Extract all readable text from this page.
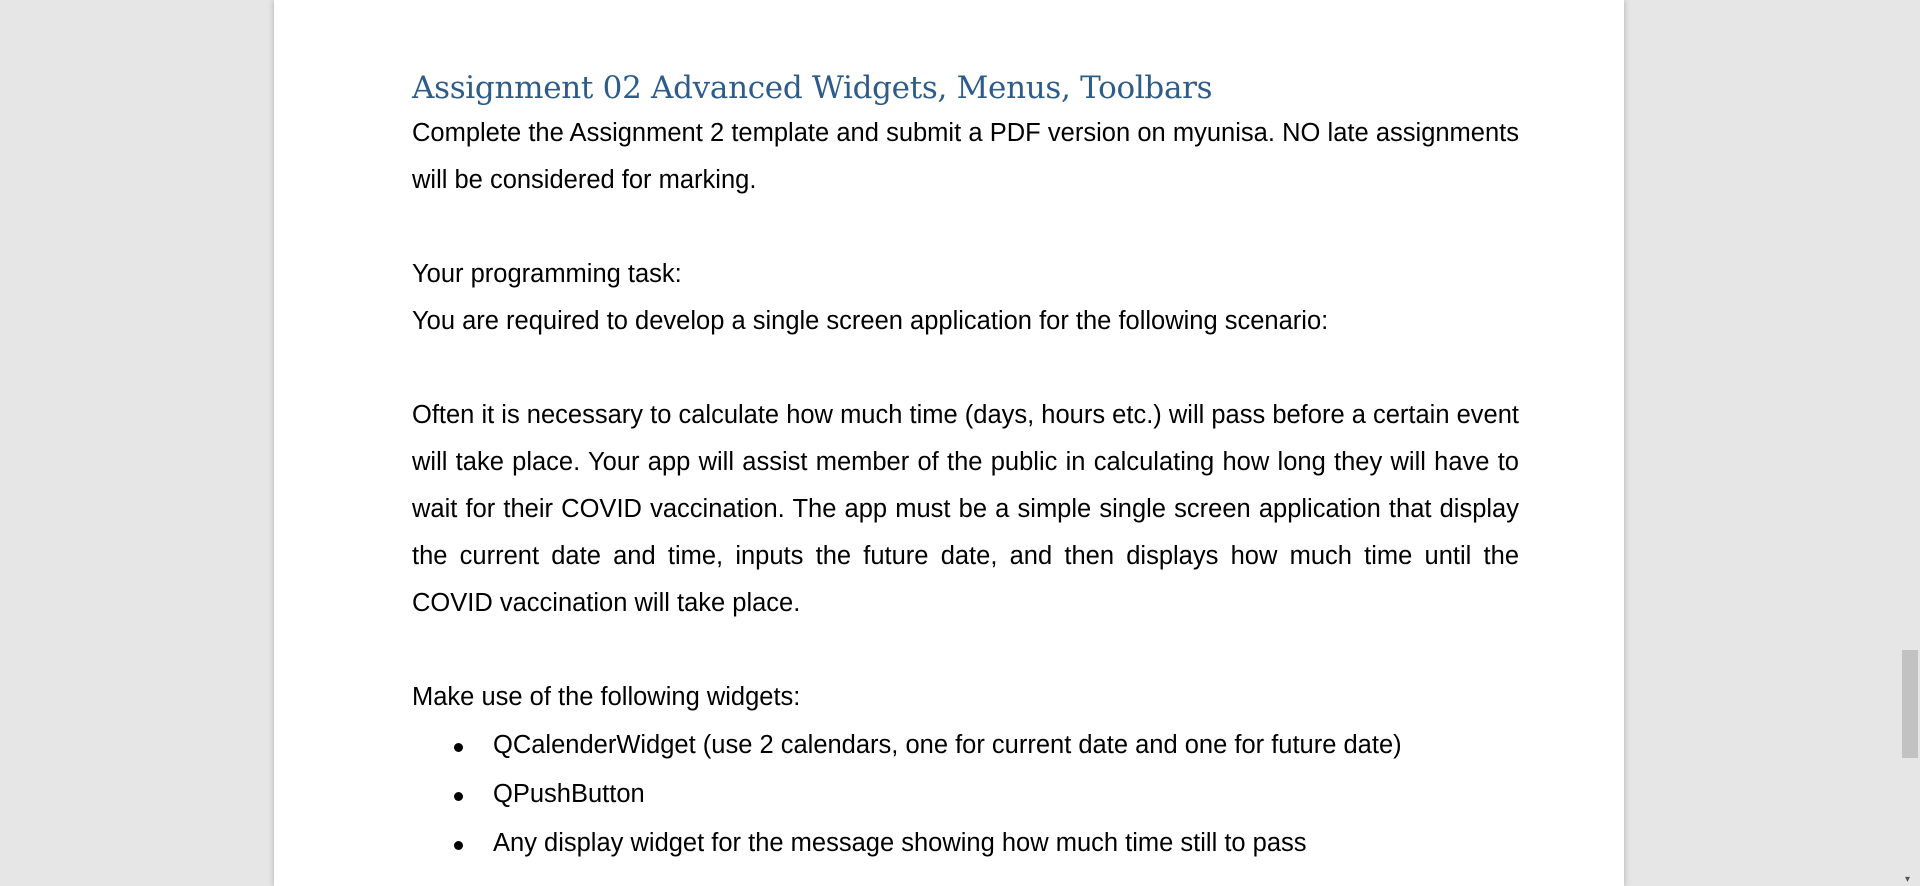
Assignment 02 Advanced Widgets, Menus, Toolbars

Complete the Assignment 2 template and submit a PDF version on myunisa. NO late assignments will be considered for marking.

Your programming task:

You are required to develop a single screen application for the following scenario:

Often it is necessary to calculate how much time (days, hours etc.) will pass before a certain event will take place. Your app will assist member of the public in calculating how long they will have to wait for their COVID vaccination. The app must be a simple single screen application that display the current date and time, inputs the future date, and then displays how much time until the COVID vaccination will take place.

Make use of the following widgets:

QCalenderWidget (use 2 calendars, one for current date and one for future date)
QPushButton
Any display widget for the message showing how much time still to pass
▾
